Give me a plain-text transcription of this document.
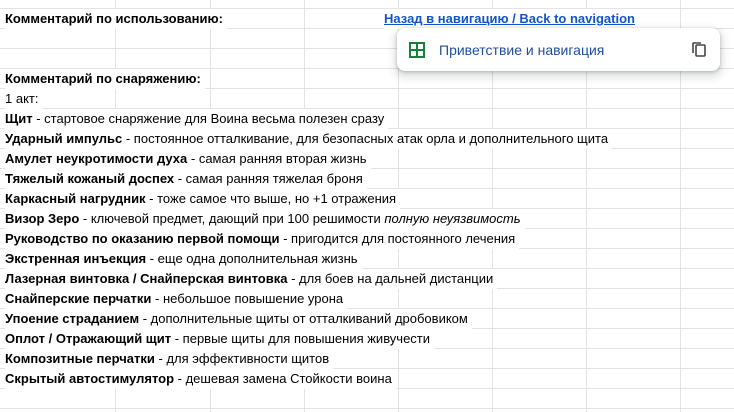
Комментарий по использованию:	Назад в навигацию / Back to navigation
Приветствие и навигация
Комментарий по снаряжению:
1 акт:
Щит - стартовое снаряжение для Воина весьма полезен сразу
Ударный импульс - постоянное отталкивание, для безопасных атак орла и дополнительного щита
Амулет неукротимости духа - самая ранняя вторая жизнь
Тяжелый кожаный доспех - самая ранняя тяжелая броня
Каркасный нагрудник - тоже самое что выше, но +1 отражения
Визор Зеро - ключевой предмет, дающий при 100 решимости полную неуязвимость
Руководство по оказанию первой помощи - пригодится для постоянного лечения
Экстренная инъекция - еще одна дополнительная жизнь
Лазерная винтовка / Снайперская винтовка - для боев на дальней дистанции
Снайперские перчатки - небольшое повышение урона
Упоение страданием - дополнительные щиты от отталкиваний дробовиком
Оплот / Отражающий щит - первые щиты для повышения живучести
Композитные перчатки - для эффективности щитов
Скрытый автостимулятор - дешевая замена Стойкости воина
